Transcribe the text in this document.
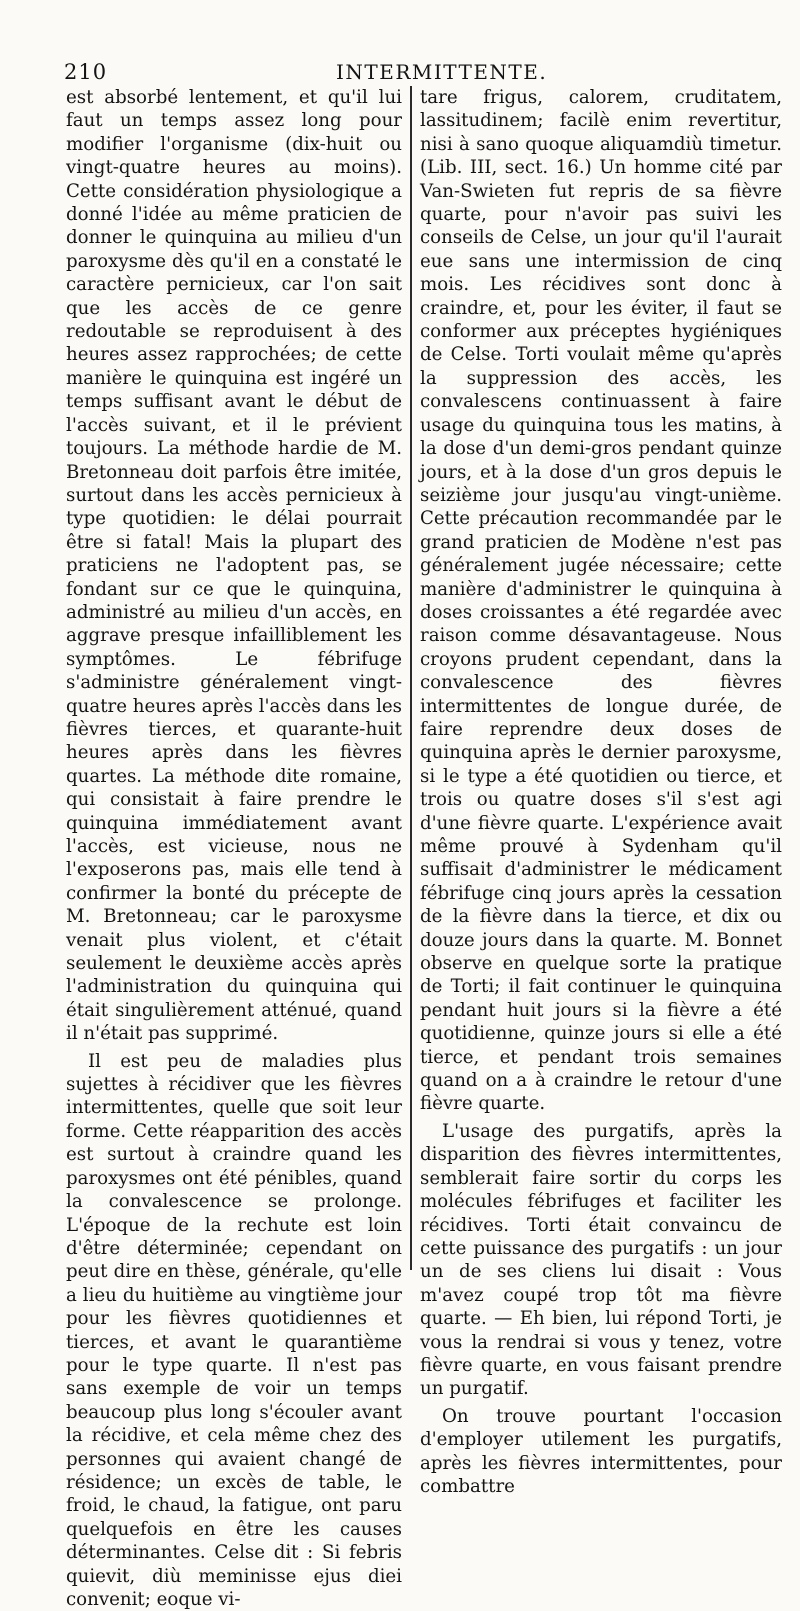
210	INTERMITTENTE.

est absorbé lentement, et qu'il lui faut un temps assez long pour modifier l'organisme (dix-huit ou vingt-quatre heures au moins). Cette considération physiologique a donné l'idée au même praticien de donner le quinquina au milieu d'un paroxysme dès qu'il en a constaté le caractère pernicieux, car l'on sait que les accès de ce genre redoutable se reproduisent à des heures assez rapprochées; de cette manière le quinquina est ingéré un temps suffisant avant le début de l'accès suivant, et il le prévient toujours. La méthode hardie de M. Bretonneau doit parfois être imitée, surtout dans les accès pernicieux à type quotidien: le délai pourrait être si fatal! Mais la plupart des praticiens ne l'adoptent pas, se fondant sur ce que le quinquina, administré au milieu d'un accès, en aggrave presque infailliblement les symptômes. Le fébrifuge s'administre généralement vingt-quatre heures après l'accès dans les fièvres tierces, et quarante-huit heures après dans les fièvres quartes. La méthode dite romaine, qui consistait à faire prendre le quinquina immédiatement avant l'accès, est vicieuse, nous ne l'exposerons pas, mais elle tend à confirmer la bonté du précepte de M. Bretonneau; car le paroxysme venait plus violent, et c'était seulement le deuxième accès après l'administration du quinquina qui était singulièrement atténué, quand il n'était pas supprimé.

Il est peu de maladies plus sujettes à récidiver que les fièvres intermittentes, quelle que soit leur forme. Cette réapparition des accès est surtout à craindre quand les paroxysmes ont été pénibles, quand la convalescence se prolonge. L'époque de la rechute est loin d'être déterminée; cependant on peut dire en thèse, générale, qu'elle a lieu du huitième au vingtième jour pour les fièvres quotidiennes et tierces, et avant le quarantième pour le type quarte. Il n'est pas sans exemple de voir un temps beaucoup plus long s'écouler avant la récidive, et cela même chez des personnes qui avaient changé de résidence; un excès de table, le froid, le chaud, la fatigue, ont paru quelquefois en être les causes déterminantes. Celse dit : Si febris quievit, diù meminisse ejus diei convenit; eoque vi-

tare frigus, calorem, cruditatem, lassitudinem; facilè enim revertitur, nisi à sano quoque aliquamdiù timetur. (Lib. III, sect. 16.) Un homme cité par Van-Swieten fut repris de sa fièvre quarte, pour n'avoir pas suivi les conseils de Celse, un jour qu'il l'aurait eue sans une intermission de cinq mois. Les récidives sont donc à craindre, et, pour les éviter, il faut se conformer aux préceptes hygiéniques de Celse. Torti voulait même qu'après la suppression des accès, les convalescens continuassent à faire usage du quinquina tous les matins, à la dose d'un demi-gros pendant quinze jours, et à la dose d'un gros depuis le seizième jour jusqu'au vingt-unième. Cette précaution recommandée par le grand praticien de Modène n'est pas généralement jugée nécessaire; cette manière d'administrer le quinquina à doses croissantes a été regardée avec raison comme désavantageuse. Nous croyons prudent cependant, dans la convalescence des fièvres intermittentes de longue durée, de faire reprendre deux doses de quinquina après le dernier paroxysme, si le type a été quotidien ou tierce, et trois ou quatre doses s'il s'est agi d'une fièvre quarte. L'expérience avait même prouvé à Sydenham qu'il suffisait d'administrer le médicament fébrifuge cinq jours après la cessation de la fièvre dans la tierce, et dix ou douze jours dans la quarte. M. Bonnet observe en quelque sorte la pratique de Torti; il fait continuer le quinquina pendant huit jours si la fièvre a été quotidienne, quinze jours si elle a été tierce, et pendant trois semaines quand on a à craindre le retour d'une fièvre quarte.

L'usage des purgatifs, après la disparition des fièvres intermittentes, semblerait faire sortir du corps les molécules fébrifuges et faciliter les récidives. Torti était convaincu de cette puissance des purgatifs : un jour un de ses cliens lui disait : Vous m'avez coupé trop tôt ma fièvre quarte. — Eh bien, lui répond Torti, je vous la rendrai si vous y tenez, votre fièvre quarte, en vous faisant prendre un purgatif.

On trouve pourtant l'occasion d'employer utilement les purgatifs, après les fièvres intermittentes, pour combattre
